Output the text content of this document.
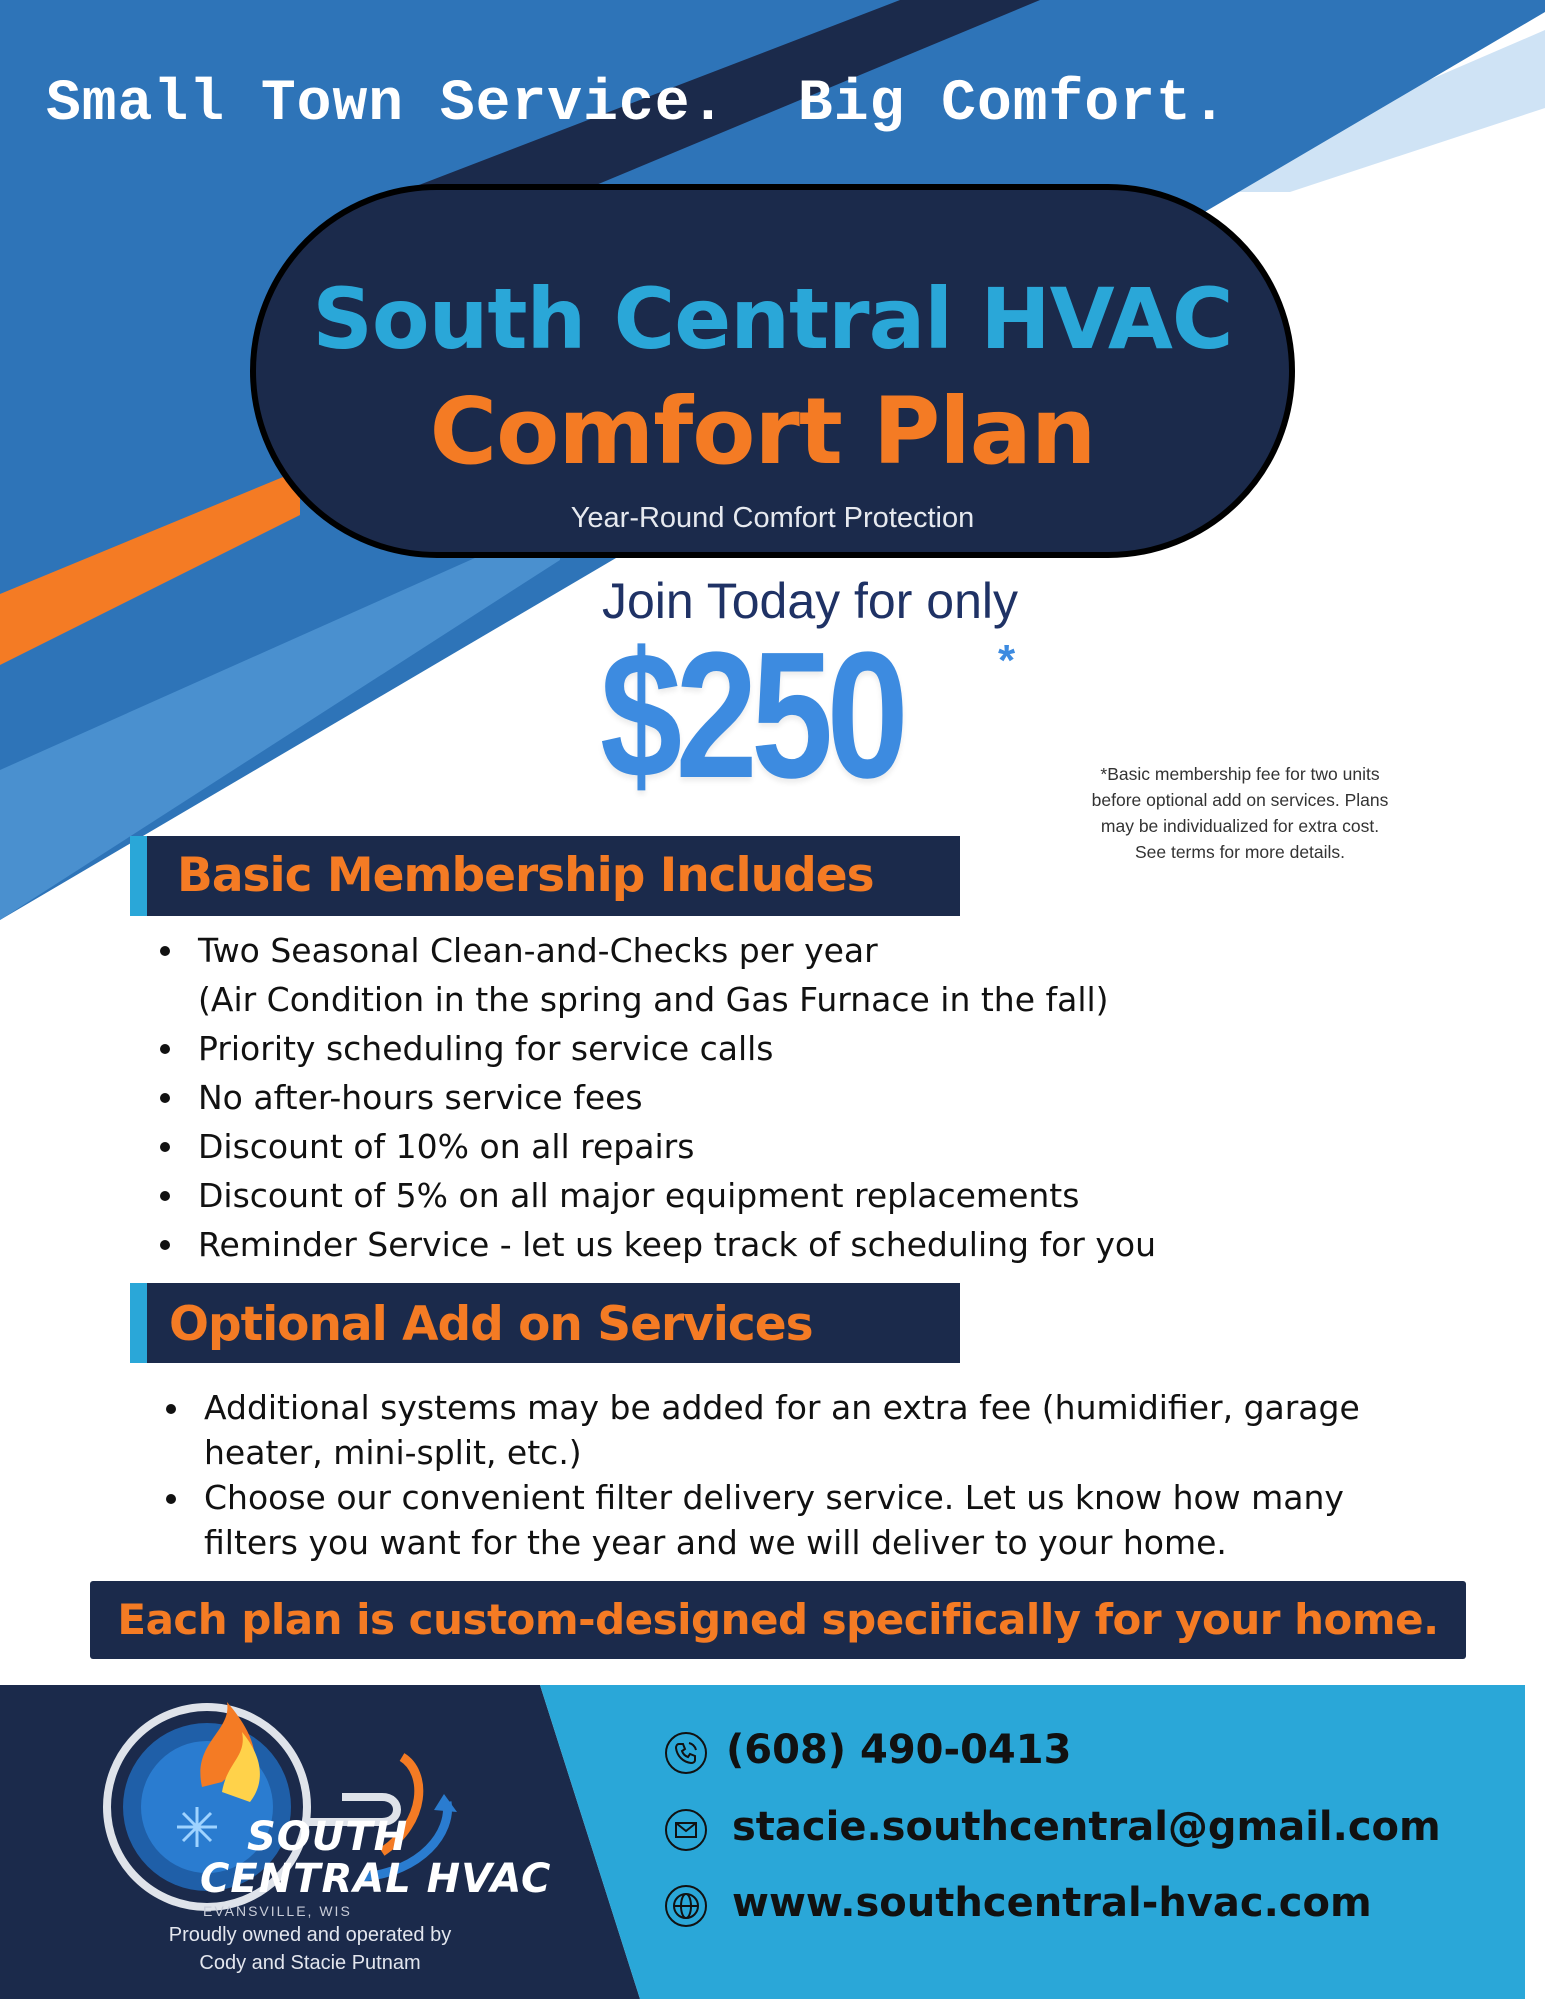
Small Town Service.  Big Comfort.

South Central HVAC

Comfort Plan

Year-Round Comfort Protection

Join Today for only

$250 *

*Basic membership fee for two units
before optional add on services. Plans
may be individualized for extra cost.
See terms for more details.
Basic Membership Includes
Two Seasonal Clean-and-Checks per year
(Air Condition in the spring and Gas Furnace in the fall)
Priority scheduling for service calls
No after-hours service fees
Discount of 10% on all repairs
Discount of 5% on all major equipment replacements
Reminder Service - let us keep track of scheduling for you
Optional Add on Services
Additional systems may be added for an extra fee (humidifier, garage
heater, mini-split, etc.)
Choose our convenient filter delivery service. Let us know how many
filters you want for the year and we will deliver to your home.

Each plan is custom-designed specifically for your home.

SOUTH

CENTRAL HVAC

EVANSVILLE, WIS

Proudly owned and operated by
Cody and Stacie Putnam

(608) 490-0413

stacie.southcentral@gmail.com

www.southcentral-hvac.com
